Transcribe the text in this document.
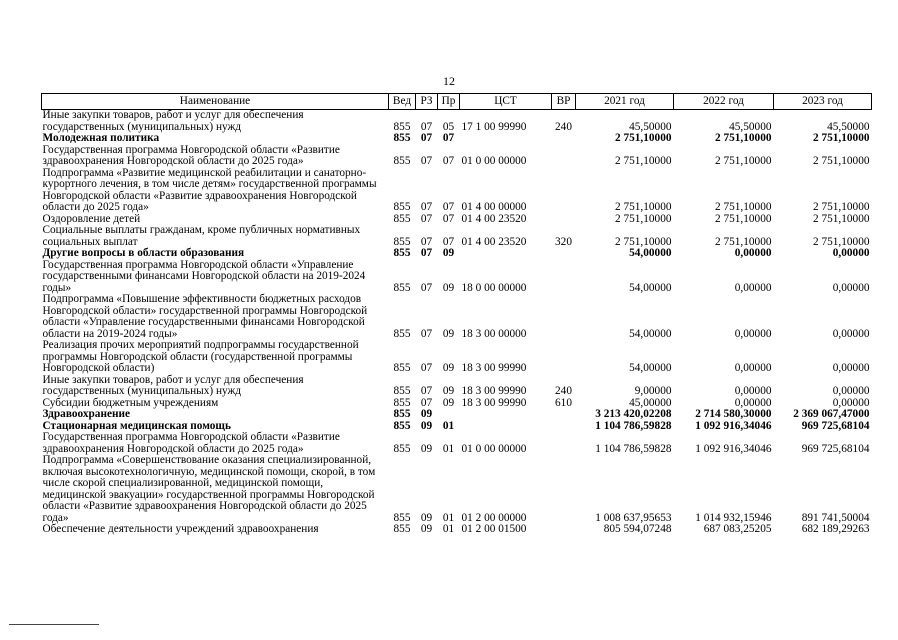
12
Наименование	Вед	РЗ	Пр	ЦСТ	ВР	2021 год	2022 год	2023 год
Иные закупки товаров, работ и услуг для обеспечения государственных (муниципальных) нужд	855	07	05	17 1 00 99990	240	45,50000	45,50000	45,50000
Молодежная политика	855	07	07			2 751,10000	2 751,10000	2 751,10000
Государственная программа Новгородской области «Развитие здравоохранения Новгородской области до 2025 года»	855	07	07	01 0 00 00000		2 751,10000	2 751,10000	2 751,10000
Подпрограмма «Развитие медицинской реабилитации и санаторно-курортного лечения, в том числе детям» государственной программы Новгородской области «Развитие здравоохранения Новгородской области до 2025 года»	855	07	07	01 4 00 00000		2 751,10000	2 751,10000	2 751,10000
Оздоровление детей	855	07	07	01 4 00 23520		2 751,10000	2 751,10000	2 751,10000
Социальные выплаты гражданам, кроме публичных нормативных социальных выплат	855	07	07	01 4 00 23520	320	2 751,10000	2 751,10000	2 751,10000
Другие вопросы в области образования	855	07	09			54,00000	0,00000	0,00000
Государственная программа Новгородской области «Управление государственными финансами Новгородской области на 2019-2024 годы»	855	07	09	18 0 00 00000		54,00000	0,00000	0,00000
Подпрограмма «Повышение эффективности бюджетных расходов Новгородской области» государственной программы Новгородской области «Управление государственными финансами Новгородской области на 2019-2024 годы»	855	07	09	18 3 00 00000		54,00000	0,00000	0,00000
Реализация прочих мероприятий подпрограммы государственной программы Новгородской области (государственной программы Новгородской области)	855	07	09	18 3 00 99990		54,00000	0,00000	0,00000
Иные закупки товаров, работ и услуг для обеспечения государственных (муниципальных) нужд	855	07	09	18 3 00 99990	240	9,00000	0,00000	0,00000
Субсидии бюджетным учреждениям	855	07	09	18 3 00 99990	610	45,00000	0,00000	0,00000
Здравоохранение	855	09				3 213 420,02208	2 714 580,30000	2 369 067,47000
Стационарная медицинская помощь	855	09	01			1 104 786,59828	1 092 916,34046	969 725,68104
Государственная программа Новгородской области «Развитие здравоохранения Новгородской области до 2025 года»	855	09	01	01 0 00 00000		1 104 786,59828	1 092 916,34046	969 725,68104
Подпрограмма «Совершенствование оказания специализированной, включая высокотехнологичную, медицинской помощи, скорой, в том числе скорой специализированной, медицинской помощи, медицинской эвакуации» государственной программы Новгородской области «Развитие здравоохранения Новгородской области до 2025 года»	855	09	01	01 2 00 00000		1 008 637,95653	1 014 932,15946	891 741,50004
Обеспечение деятельности учреждений здравоохранения	855	09	01	01 2 00 01500		805 594,07248	687 083,25205	682 189,29263
